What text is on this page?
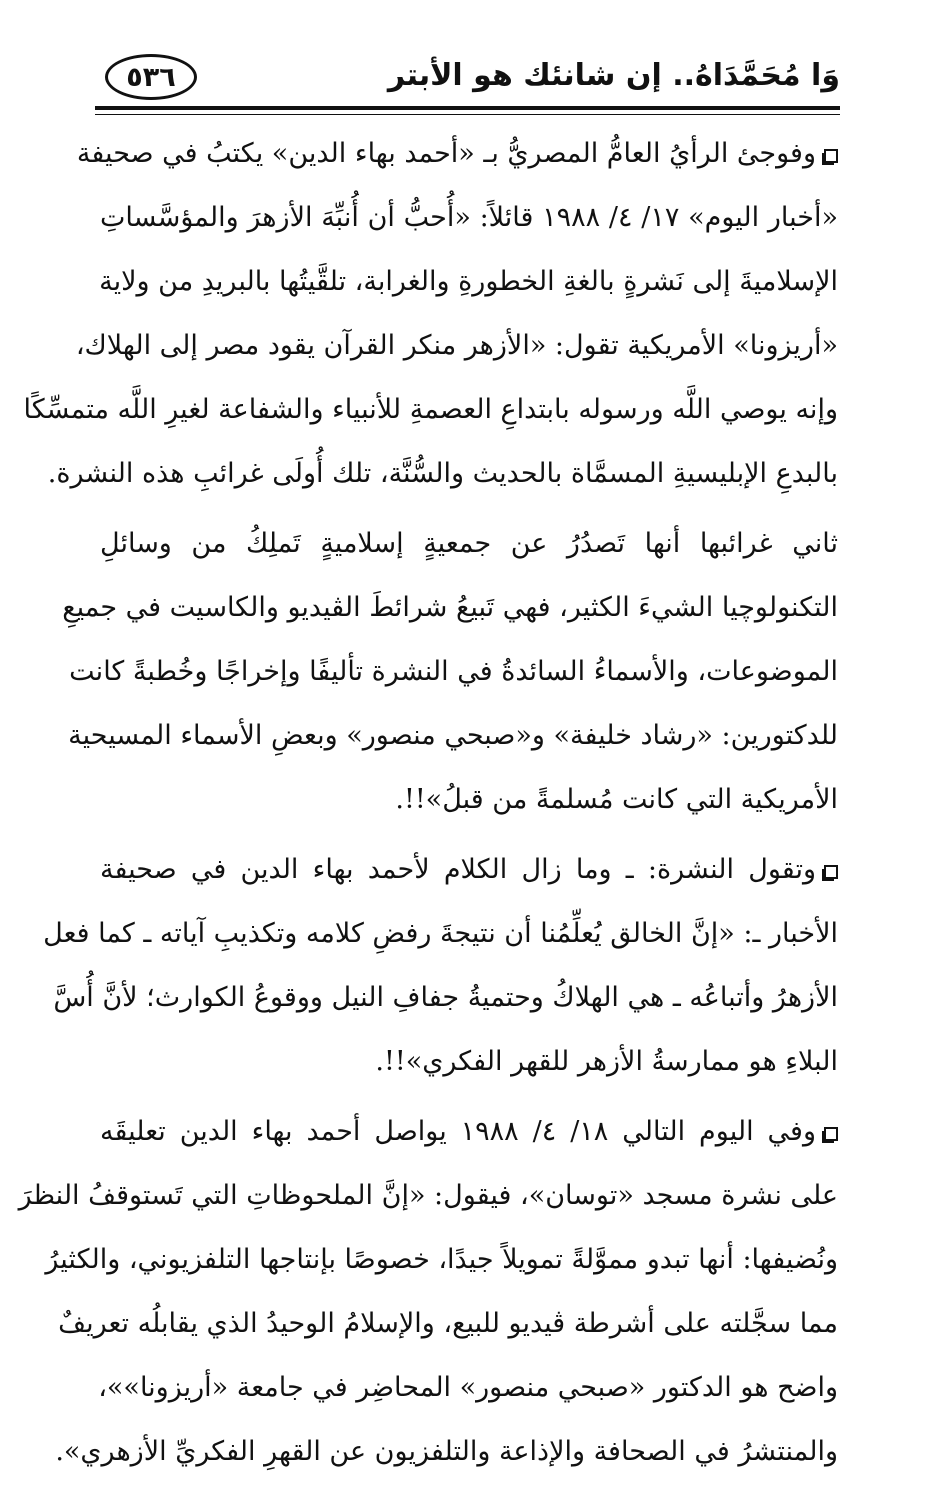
وَا مُحَمَّدَاهُ.. إن شانئك هو الأبتر
٥٣٦
وفوجئ الرأيُ العامُّ المصريُّ بـ «أحمد بهاء الدين» يكتبُ في صحيفة
«أخبار اليوم» ١٧/ ٤/ ١٩٨٨ قائلاً: «أُحبُّ أن أُنبِّهَ الأزهرَ والمؤسَّساتِ
الإسلاميةَ إلى نَشرةٍ بالغةِ الخطورةِ والغرابة، تلقَّيتُها بالبريدِ من ولاية
«أريزونا» الأمريكية تقول: «الأزهر منكر القرآن يقود مصر إلى الهلاك،
وإنه يوصي اللَّه ورسوله بابتداعِ العصمةِ للأنبياء والشفاعة لغيرِ اللَّه متمسِّكًا
بالبدعِ الإبليسيةِ المسمَّاة بالحديث والسُّنَّة، تلك أُولَى غرائبِ هذه النشرة.
ثاني غرائبها أنها تَصدُرُ عن جمعيةٍ إسلاميةٍ تَملِكُ من وسائلِ
التكنولوچيا الشيءَ الكثير، فهي تَبيعُ شرائطَ الڤيديو والكاسيت في جميعِ
الموضوعات، والأسماءُ السائدةُ في النشرة تأليفًا وإخراجًا وخُطبةً كانت
للدكتورين: «رشاد خليفة» و«صبحي منصور» وبعضِ الأسماء المسيحية
الأمريكية التي كانت مُسلمةً من قبلُ»!!.
وتقول النشرة: ـ وما زال الكلام لأحمد بهاء الدين في صحيفة
الأخبار ـ: «إنَّ الخالق يُعلِّمُنا أن نتيجةَ رفضِ كلامه وتكذيبِ آياته ـ كما فعل
الأزهرُ وأتباعُه ـ هي الهلاكُ وحتميةُ جفافِ النيل ووقوعُ الكوارث؛ لأنَّ أُسَّ
البلاءِ هو ممارسةُ الأزهر للقهر الفكري»!!.
وفي اليوم التالي ١٨/ ٤/ ١٩٨٨ يواصل أحمد بهاء الدين تعليقَه
على نشرة مسجد «توسان»، فيقول: «إنَّ الملحوظاتِ التي تَستوقفُ النظرَ
ونُضيفها: أنها تبدو مموَّلةً تمويلاً جيدًا، خصوصًا بإنتاجها التلفزيوني، والكثيرُ
مما سجَّلته على أشرطة ڤيديو للبيع، والإسلامُ الوحيدُ الذي يقابلُه تعريفٌ
واضح هو الدكتور «صبحي منصور» المحاضِر في جامعة «أريزونا»»،
والمنتشرُ في الصحافة والإذاعة والتلفزيون عن القهرِ الفكريِّ الأزهري».
